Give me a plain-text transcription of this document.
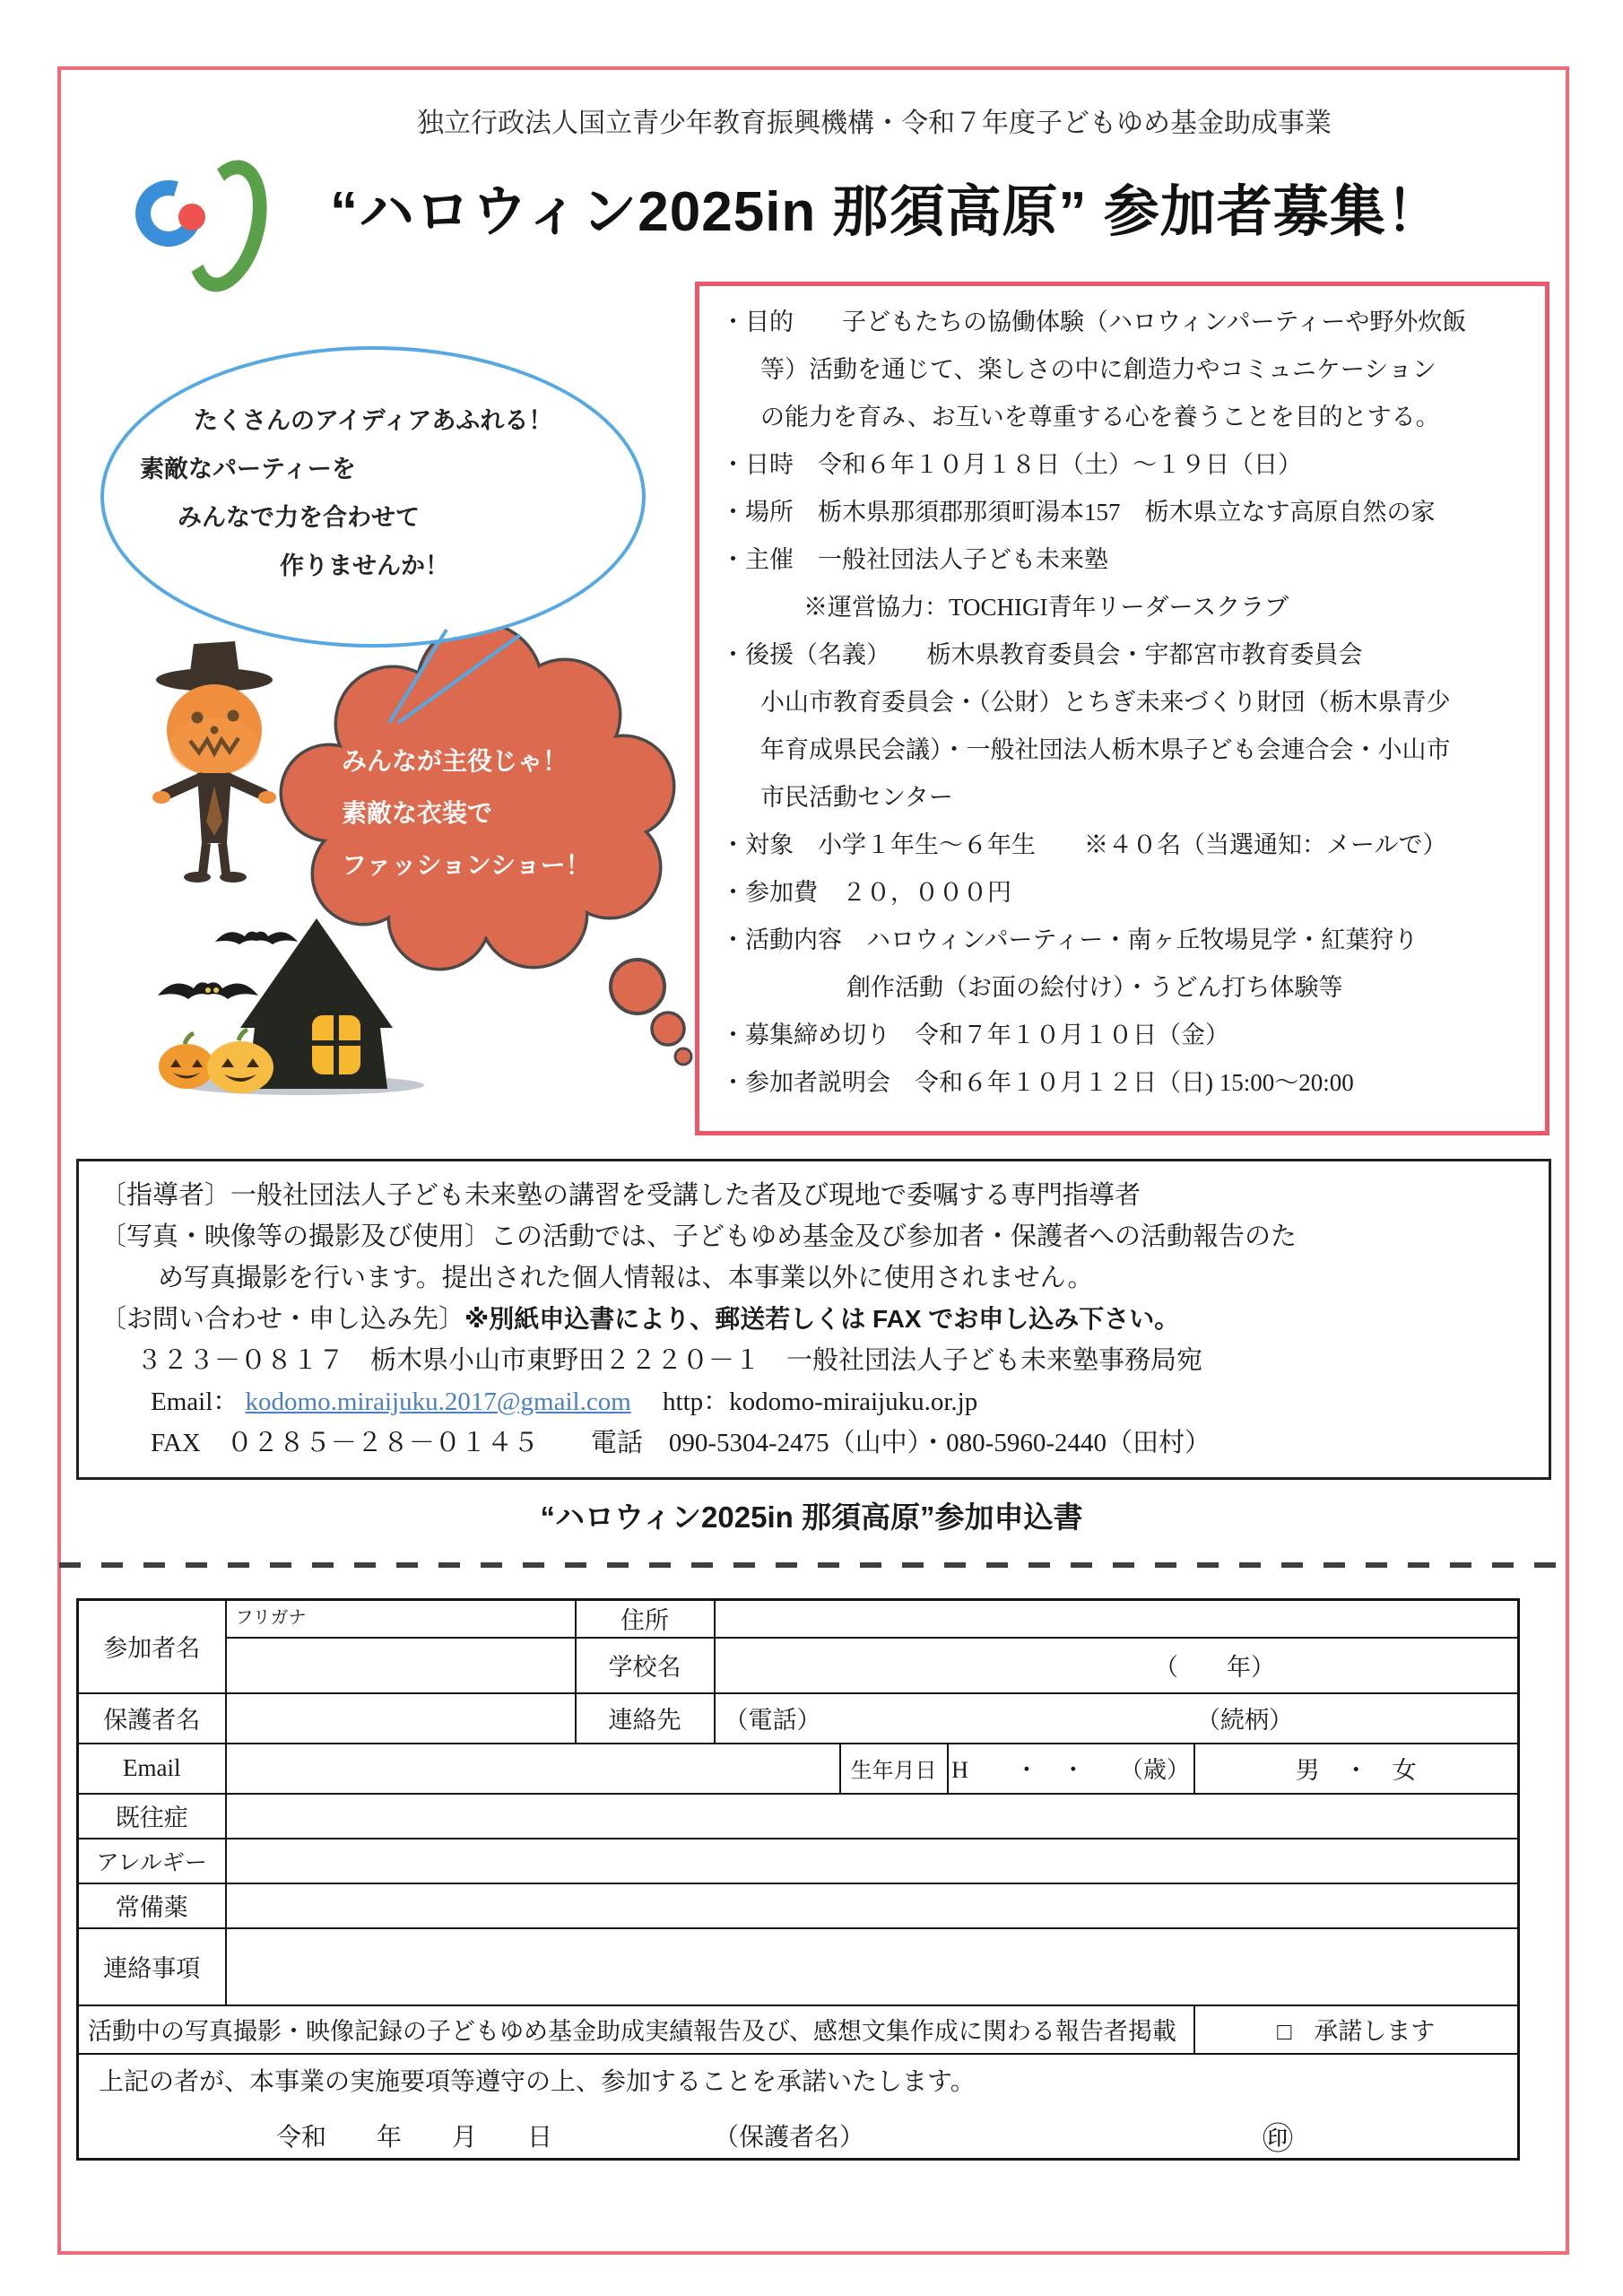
独立行政法人国立青少年教育振興機構・令和７年度子どもゆめ基金助成事業
“ハロウィン2025in 那須高原” 参加者募集！
たくさんのアイディアあふれる！
素敵なパーティーを
みんなで力を合わせて
作りませんか！
みんなが主役じゃ！
素敵な衣装で
ファッションショー！
・目的　　子どもたちの協働体験（ハロウィンパーティーや野外炊飯
等）活動を通じて、楽しさの中に創造力やコミュニケーション
の能力を育み、お互いを尊重する心を養うことを目的とする。
・日時　令和６年１０月１８日（土）〜１９日（日）
・場所　栃木県那須郡那須町湯本157　栃木県立なす高原自然の家
・主催　一般社団法人子ども未来塾
※運営協力：TOCHIGI青年リーダースクラブ
・後援（名義）　　栃木県教育委員会・宇都宮市教育委員会
小山市教育委員会・（公財）とちぎ未来づくり財団（栃木県青少
年育成県民会議）・一般社団法人栃木県子ども会連合会・小山市
市民活動センター
・対象　小学１年生〜６年生　　※４０名（当選通知：メールで）
・参加費　２０，０００円
・活動内容　ハロウィンパーティー・南ヶ丘牧場見学・紅葉狩り
創作活動（お面の絵付け）・うどん打ち体験等
・募集締め切り　令和７年１０月１０日（金）
・参加者説明会　令和６年１０月１２日（日) 15:00〜20:00
〔指導者〕一般社団法人子ども未来塾の講習を受講した者及び現地で委嘱する専門指導者
〔写真・映像等の撮影及び使用〕この活動では、子どもゆめ基金及び参加者・保護者への活動報告のた
め写真撮影を行います。提出された個人情報は、本事業以外に使用されません。
〔お問い合わせ・申し込み先〕※別紙申込書により、郵送若しくは FAX でお申し込み下さい。
３２３－０８１７　栃木県小山市東野田２２２０－１　一般社団法人子ども未来塾事務局宛
Email： kodomo.miraijuku.2017@gmail.com http：kodomo-miraijuku.or.jp
FAX　０２８５－２８－０１４５　　電話　090-5304-2475（山中）・080-5960-2440（田村）
“ハロウィン2025in 那須高原”参加申込書
参加者名	フリガナ	住所				
		学校名	（　　年）			
保護者名		連絡先	（電話） （続柄）			

Email				生年月日	H　　・　・　　（歳）	男　・　女
既往症						
アレルギー						
常備薬						
連絡事項						
活動中の写真撮影・映像記録の子どもゆめ基金助成実績報告及び、感想文集作成に関わる報告者掲載						□ 承諾します

上記の者が、本事業の実施要項等遵守の上、参加することを承諾いたします。
令和　　年　　月　　日 （保護者名） ㊞						
